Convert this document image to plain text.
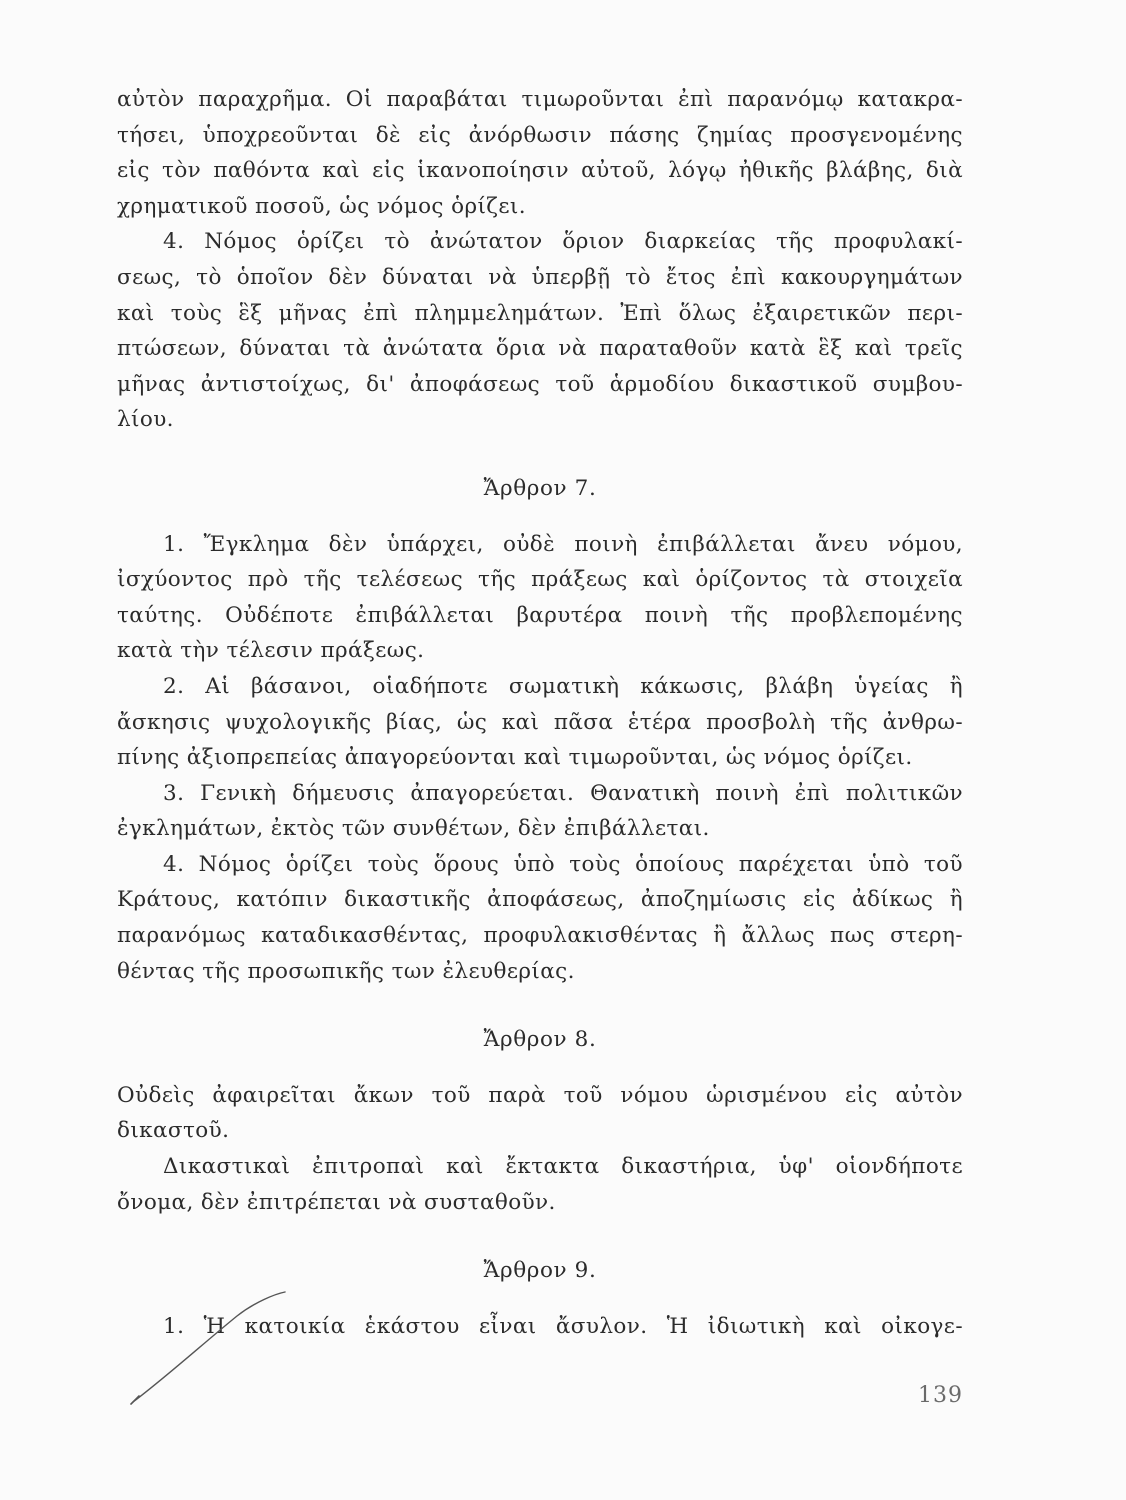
αὐτὸν παραχρῆμα. Οἱ παραβάται τιμωροῦνται ἐπὶ παρανόμῳ κατακρα-
τήσει, ὑποχρεοῦνται δὲ εἰς ἀνόρθωσιν πάσης ζημίας προσγενομένης
εἰς τὸν παθόντα καὶ εἰς ἱκανοποίησιν αὐτοῦ, λόγῳ ἠθικῆς βλάβης, διὰ
χρηματικοῦ ποσοῦ, ὡς νόμος ὁρίζει.
4. Νόμος ὁρίζει τὸ ἀνώτατον ὅριον διαρκείας τῆς προφυλακί-
σεως, τὸ ὁποῖον δὲν δύναται νὰ ὑπερβῇ τὸ ἔτος ἐπὶ κακουργημάτων
καὶ τοὺς ἓξ μῆνας ἐπὶ πλημμελημάτων. Ἐπὶ ὅλως ἐξαιρετικῶν περι-
πτώσεων, δύναται τὰ ἀνώτατα ὅρια νὰ παραταθοῦν κατὰ ἓξ καὶ τρεῖς
μῆνας ἀντιστοίχως, δι' ἀποφάσεως τοῦ ἁρμοδίου δικαστικοῦ συμβου-
λίου.
Ἄρθρον 7.
1. Ἔγκλημα δὲν ὑπάρχει, οὐδὲ ποινὴ ἐπιβάλλεται ἄνευ νόμου,
ἰσχύοντος πρὸ τῆς τελέσεως τῆς πράξεως καὶ ὁρίζοντος τὰ στοιχεῖα
ταύτης. Οὐδέποτε ἐπιβάλλεται βαρυτέρα ποινὴ τῆς προβλεπομένης
κατὰ τὴν τέλεσιν πράξεως.
2. Αἱ βάσανοι, οἱαδήποτε σωματικὴ κάκωσις, βλάβη ὑγείας ἢ
ἄσκησις ψυχολογικῆς βίας, ὡς καὶ πᾶσα ἑτέρα προσβολὴ τῆς ἀνθρω-
πίνης ἀξιοπρεπείας ἀπαγορεύονται καὶ τιμωροῦνται, ὡς νόμος ὁρίζει.
3. Γενικὴ δήμευσις ἀπαγορεύεται. Θανατικὴ ποινὴ ἐπὶ πολιτικῶν
ἐγκλημάτων, ἐκτὸς τῶν συνθέτων, δὲν ἐπιβάλλεται.
4. Νόμος ὁρίζει τοὺς ὅρους ὑπὸ τοὺς ὁποίους παρέχεται ὑπὸ τοῦ
Κράτους, κατόπιν δικαστικῆς ἀποφάσεως, ἀποζημίωσις εἰς ἀδίκως ἢ
παρανόμως καταδικασθέντας, προφυλακισθέντας ἢ ἄλλως πως στερη-
θέντας τῆς προσωπικῆς των ἐλευθερίας.
Ἄρθρον 8.
Οὐδεὶς ἀφαιρεῖται ἄκων τοῦ παρὰ τοῦ νόμου ὡρισμένου εἰς αὐτὸν
δικαστοῦ.
Δικαστικαὶ ἐπιτροπαὶ καὶ ἔκτακτα δικαστήρια, ὑφ' οἱονδήποτε
ὄνομα, δὲν ἐπιτρέπεται νὰ συσταθοῦν.
Ἄρθρον 9.
1. Ἡ κατοικία ἑκάστου εἶναι ἄσυλον. Ἡ ἰδιωτικὴ καὶ οἰκογε-
139
